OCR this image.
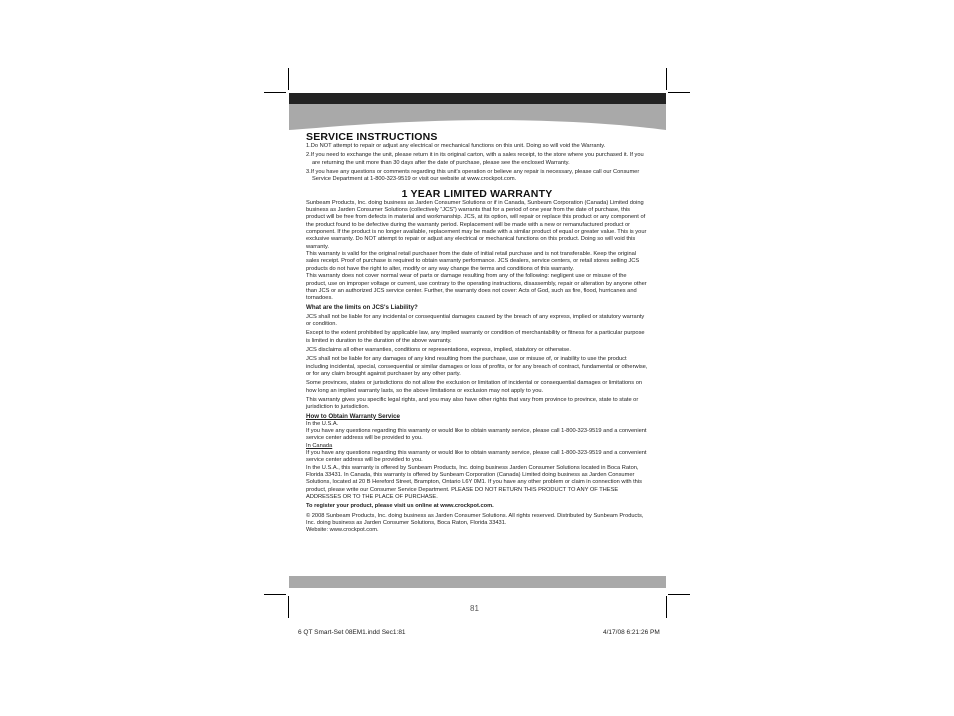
SERVICE INSTRUCTIONS
1.Do NOT attempt to repair or adjust any electrical or mechanical functions on this unit. Doing so will void the Warranty.
2.If you need to exchange the unit, please return it in its original carton, with a sales receipt, to the store where you purchased it. If you are returning the unit more than 30 days after the date of purchase, please see the enclosed Warranty.
3.If you have any questions or comments regarding this unit's operation or believe any repair is necessary, please call our Consumer Service Department at 1-800-323-9519 or visit our website at www.crockpot.com.
1 YEAR LIMITED WARRANTY

Sunbeam Products, Inc. doing business as Jarden Consumer Solutions or if in Canada, Sunbeam Corporation (Canada) Limited doing business as Jarden Consumer Solutions (collectively “JCS”) warrants that for a period of one year from the date of purchase, this product will be free from defects in material and workmanship. JCS, at its option, will repair or replace this product or any component of the product found to be defective during the warranty period. Replacement will be made with a new or remanufactured product or component. If the product is no longer available, replacement may be made with a similar product of equal or greater value. This is your exclusive warranty. Do NOT attempt to repair or adjust any electrical or mechanical functions on this product. Doing so will void this warranty.

This warranty is valid for the original retail purchaser from the date of initial retail purchase and is not transferable. Keep the original sales receipt. Proof of purchase is required to obtain warranty performance. JCS dealers, service centers, or retail stores selling JCS products do not have the right to alter, modify or any way change the terms and conditions of this warranty.

This warranty does not cover normal wear of parts or damage resulting from any of the following: negligent use or misuse of the product, use on improper voltage or current, use contrary to the operating instructions, disassembly, repair or alteration by anyone other than JCS or an authorized JCS service center. Further, the warranty does not cover: Acts of God, such as fire, flood, hurricanes and tornadoes.

What are the limits on JCS's Liability?

JCS shall not be liable for any incidental or consequential damages caused by the breach of any express, implied or statutory warranty or condition.

Except to the extent prohibited by applicable law, any implied warranty or condition of merchantability or fitness for a particular purpose is limited in duration to the duration of the above warranty.

JCS disclaims all other warranties, conditions or representations, express, implied, statutory or otherwise.

JCS shall not be liable for any damages of any kind resulting from the purchase, use or misuse of, or inability to use the product including incidental, special, consequential or similar damages or loss of profits, or for any breach of contract, fundamental or otherwise, or for any claim brought against purchaser by any other party.

Some provinces, states or jurisdictions do not allow the exclusion or limitation of incidental or consequential damages or limitations on how long an implied warranty lasts, so the above limitations or exclusion may not apply to you.

This warranty gives you specific legal rights, and you may also have other rights that vary from province to province, state to state or jurisdiction to jurisdiction.

How to Obtain Warranty Service

In the U.S.A.

If you have any questions regarding this warranty or would like to obtain warranty service, please call 1-800-323-9519 and a convenient service center address will be provided to you.

In Canada

If you have any questions regarding this warranty or would like to obtain warranty service, please call 1-800-323-9519 and a convenient service center address will be provided to you.

In the U.S.A., this warranty is offered by Sunbeam Products, Inc. doing business Jarden Consumer Solutions located in Boca Raton, Florida 33431. In Canada, this warranty is offered by Sunbeam Corporation (Canada) Limited doing business as Jarden Consumer Solutions, located at 20 B Hereford Street, Brampton, Ontario L6Y 0M1. If you have any other problem or claim in connection with this product, please write our Consumer Service Department. PLEASE DO NOT RETURN THIS PRODUCT TO ANY OF THESE ADDRESSES OR TO THE PLACE OF PURCHASE.

To register your product, please visit us online at www.crockpot.com.

© 2008 Sunbeam Products, Inc. doing business as Jarden Consumer Solutions. All rights reserved. Distributed by Sunbeam Products, Inc. doing business as Jarden Consumer Solutions, Boca Raton, Florida 33431.

Website: www.crockpot.com.

81
6 QT Smart-Set 08EM1.indd Sec1:81	4/17/08 6:21:26 PM
